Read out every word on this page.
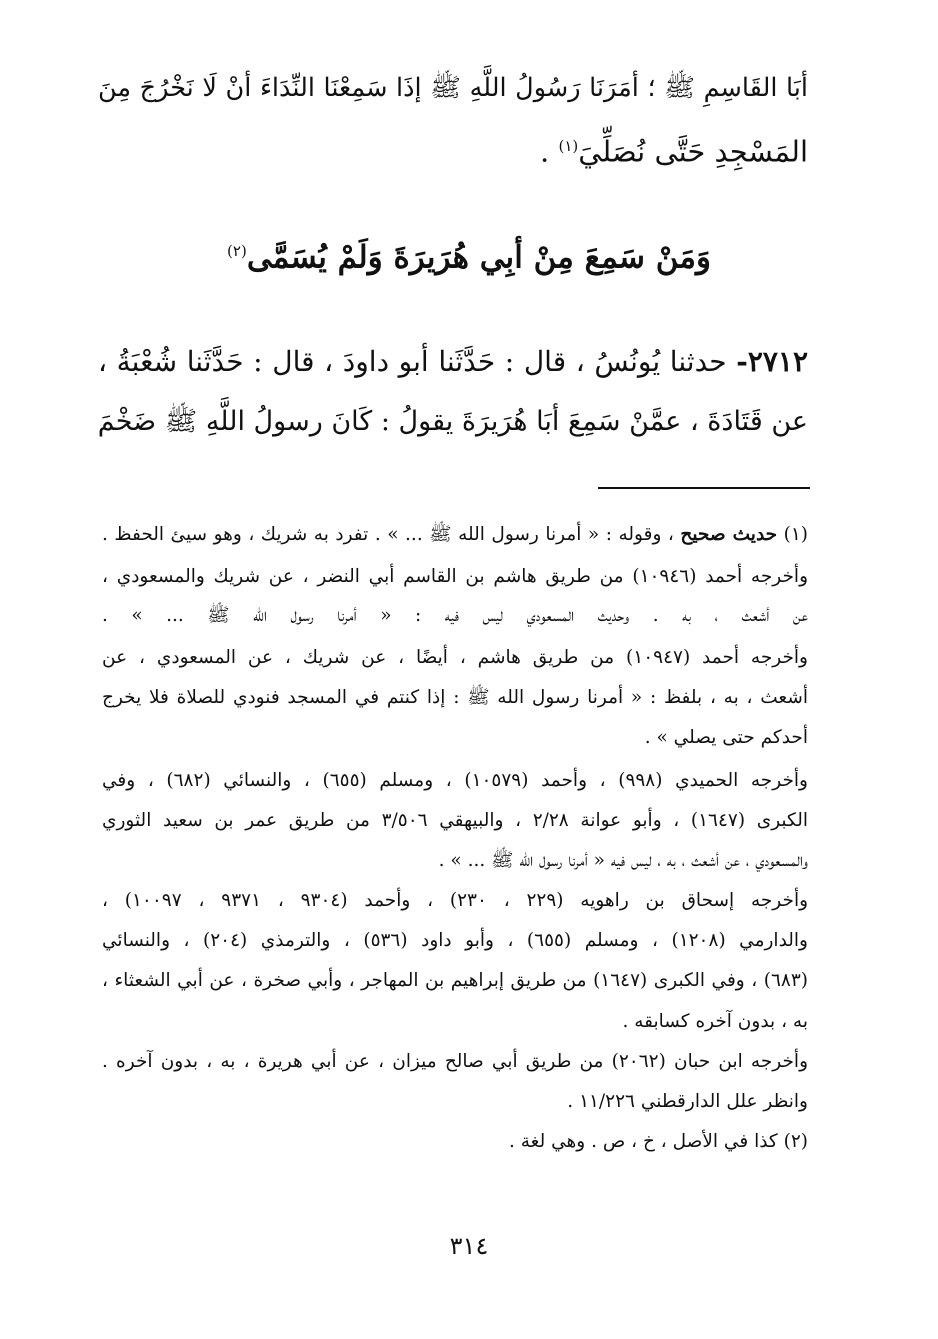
أبَا القَاسِمِ ﷺ ؛ أمَرَنَا رَسُولُ اللَّهِ ﷺ إذَا سَمِعْنَا النِّدَاءَ أنْ لَا نَخْرُجَ مِنَ
المَسْجِدِ حَتَّى نُصَلِّيَ$^{(١)}$ .
وَمَنْ سَمِعَ مِنْ أبِي هُرَيرَةَ وَلَمْ يُسَمَّى$^{(٢)}$
٢٧١٢- حدثنا يُونُسُ ، قال : حَدَّثَنا أبو داودَ ، قال : حَدَّثَنا شُعْبَةُ ،
عن قَتَادَةَ ، عمَّنْ سَمِعَ أبَا هُرَيرَةَ يقولُ : كَانَ رسولُ اللَّهِ ﷺ ضَخْمَ
(١) حديث صحيح ، وقوله : « أمرنا رسول الله ﷺ ... » . تفرد به شريك ، وهو سيئ الحفظ .
وأخرجه أحمد (١٠٩٤٦) من طريق هاشم بن القاسم أبي النضر ، عن شريك والمسعودي ،
عن أشعث ، به . وحديث المسعودي ليس فيه : « أمرنا رسول الله ﷺ ... » .
وأخرجه أحمد (١٠٩٤٧) من طريق هاشم ، أيضًا ، عن شريك ، عن المسعودي ، عن
أشعث ، به ، بلفظ : « أمرنا رسول الله ﷺ : إذا كنتم في المسجد فنودي للصلاة فلا يخرج
أحدكم حتى يصلي » .
وأخرجه الحميدي (٩٩٨) ، وأحمد (١٠٥٧٩) ، ومسلم (٦٥٥) ، والنسائي (٦٨٢) ، وفي
الكبرى (١٦٤٧) ، وأبو عوانة ٢/٢٨ ، والبيهقي ٣/٥٠٦ من طريق عمر بن سعيد الثوري
والمسعودي ، عن أشعث ، به ، ليس فيه « أمرنا رسول الله ﷺ ... » .
وأخرجه إسحاق بن راهويه (٢٢٩ ، ٢٣٠) ، وأحمد (٩٣٠٤ ، ٩٣٧١ ، ١٠٠٩٧) ،
والدارمي (١٢٠٨) ، ومسلم (٦٥٥) ، وأبو داود (٥٣٦) ، والترمذي (٢٠٤) ، والنسائي
(٦٨٣) ، وفي الكبرى (١٦٤٧) من طريق إبراهيم بن المهاجر ، وأبي صخرة ، عن أبي الشعثاء ،
به ، بدون آخره كسابقه .
وأخرجه ابن حبان (٢٠٦٢) من طريق أبي صالح ميزان ، عن أبي هريرة ، به ، بدون آخره .
وانظر علل الدارقطني ١١/٢٢٦ .
(٢) كذا في الأصل ، خ ، ص . وهي لغة .
٣١٤
